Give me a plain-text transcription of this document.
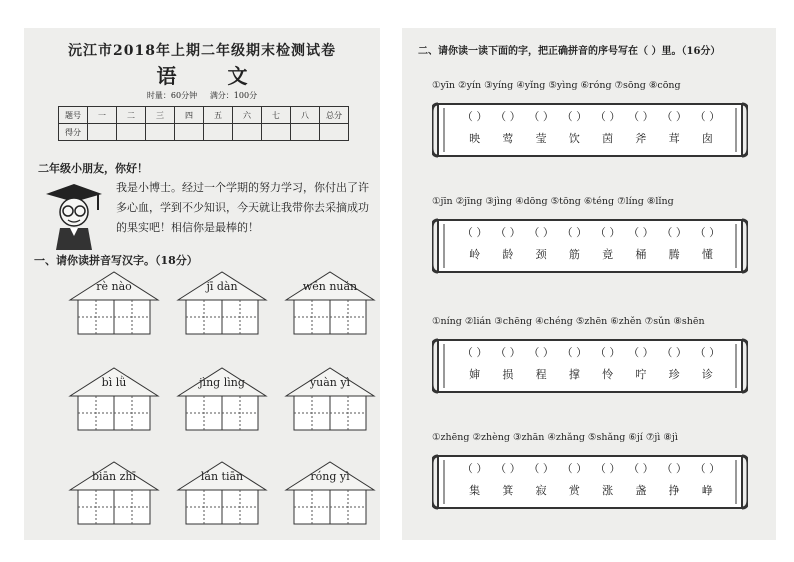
沅江市2018年上期二年级期末检测试卷
语 文
时量：60分钟 满分：100分
题号	一	二	三	四	五	六	七	八	总分
得分									
二年级小朋友，你好！
我是小博士。经过一个学期的努力学习，你付出了许多心血，学到不少知识，今天就让我带你去采摘成功的果实吧！相信你是最棒的！
一、请你读拼音写汉字。（18分）
rè nào	jī dàn	wēn nuǎn
bì lǜ	jìng lìng	yuàn yì
biān zhī	lán tiān	róng yì
二、请你读一读下面的字，把正确拼音的序号写在（ ）里。（16分）
①yīn ②yín ③yíng ④yǐng ⑤yìng ⑥róng ⑦sōng ⑧cōng
（ ） （ ） （ ） （ ） （ ） （ ） （ ） （ ）
映 莺 莹 饮 茵 斧 茸 囱
①jīn ②jīng ③jìng ④dōng ⑤tōng ⑥téng ⑦líng ⑧lǐng
（ ） （ ） （ ） （ ） （ ） （ ） （ ） （ ）
岭 龄 颈 筋 竟 桶 腾 懂
①níng ②lián ③chēng ④chéng ⑤zhēn ⑥zhěn ⑦sǔn ⑧shēn
（ ） （ ） （ ） （ ） （ ） （ ） （ ） （ ）
婶 损 程 撑 怜 咛 珍 诊
①zhēng ②zhèng ③zhān ④zhǎng ⑤shǎng ⑥jí ⑦jì ⑧jì
（ ） （ ） （ ） （ ） （ ） （ ） （ ） （ ）
集 箕 寂 赏 涨 盏 挣 峥
